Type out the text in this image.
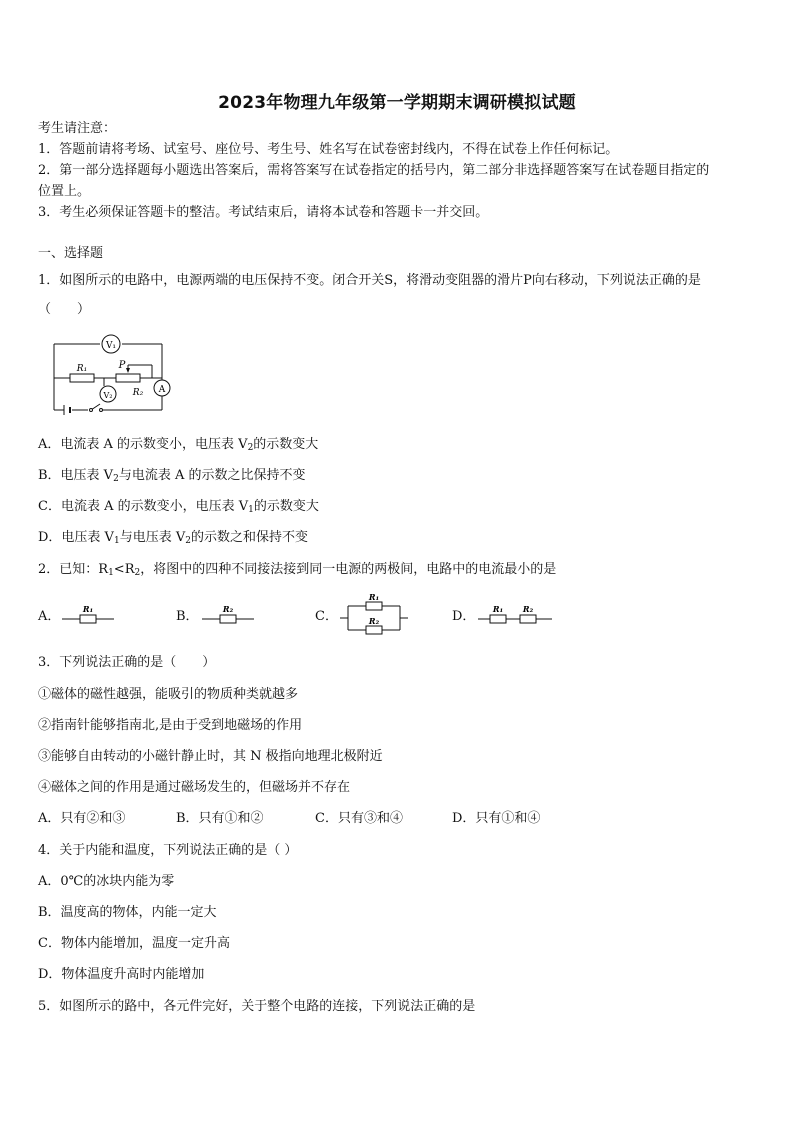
2023年物理九年级第一学期期末调研模拟试题
考生请注意：
1．答题前请将考场、试室号、座位号、考生号、姓名写在试卷密封线内，不得在试卷上作任何标记。
2．第一部分选择题每小题选出答案后，需将答案写在试卷指定的括号内，第二部分非选择题答案写在试卷题目指定的
位置上。
3．考生必须保证答题卡的整洁。考试结束后，请将本试卷和答题卡一并交回。
一、选择题
1．如图所示的电路中，电源两端的电压保持不变。闭合开关S，将滑动变阻器的滑片P向右移动，下列说法正确的是
（　　）
V₁
A
V₂
R₁
R₂
P
A．电流表 A 的示数变小，电压表 $V_2$的示数变大
B．电压表 $V_2$与电流表 A 的示数之比保持不变
C．电流表 A 的示数变小，电压表 $V_1$的示数变大
D．电压表 $V_1$与电压表 $V_2$的示数之和保持不变
2．已知：$R_1<R_2$，将图中的四种不同接法接到同一电源的两极间，电路中的电流最小的是
A．	R₁	B．	R₂	C．
R₁
R₂	D． R₁ R₂
3．下列说法正确的是（　　）
①磁体的磁性越强，能吸引的物质种类就越多
②指南针能够指南北,是由于受到地磁场的作用
③能够自由转动的小磁针静止时，其 N 极指向地理北极附近
④磁体之间的作用是通过磁场发生的，但磁场并不存在
A．只有②和③	B．只有①和②	C．只有③和④	D．只有①和④
4．关于内能和温度，下列说法正确的是（ ）
A．0℃的冰块内能为零
B．温度高的物体，内能一定大
C．物体内能增加，温度一定升高
D．物体温度升高时内能增加
5．如图所示的路中，各元件完好，关于整个电路的连接，下列说法正确的是
